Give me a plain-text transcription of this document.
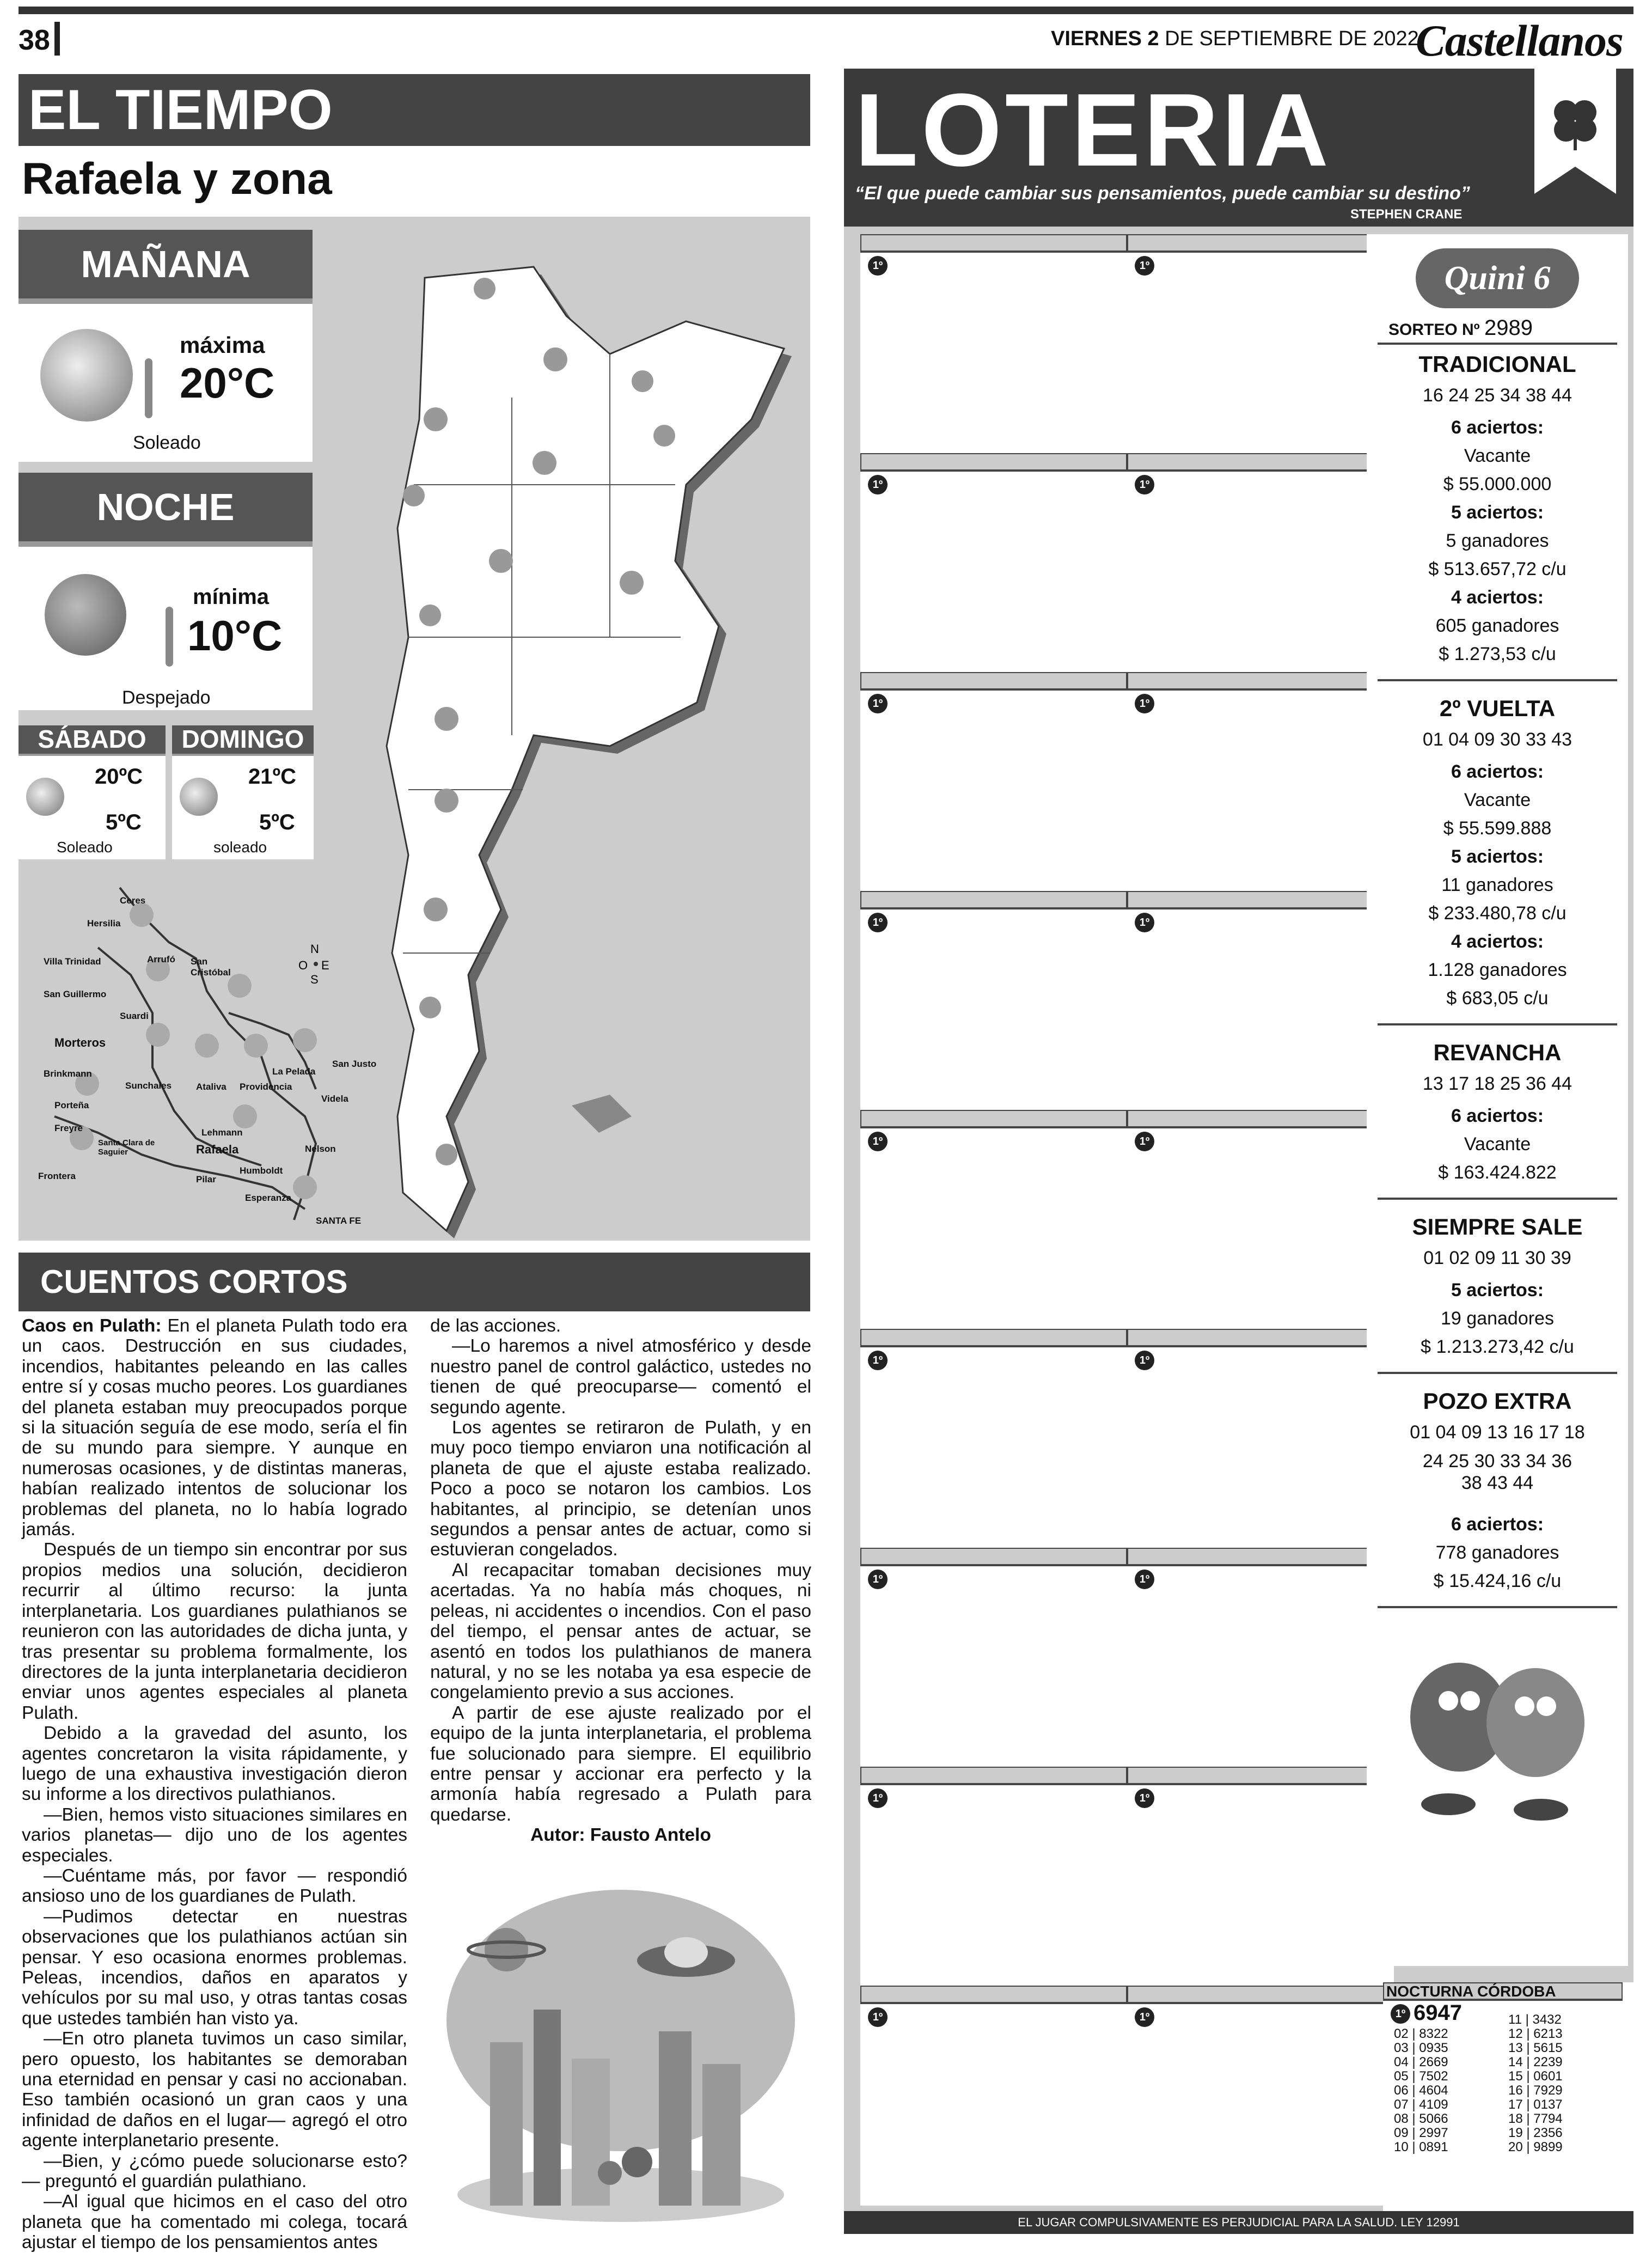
38	VIERNES 2 DE SEPTIEMBRE DE 2022
Castellanos
EL TIEMPO
Rafaela y zona
MAÑANA
máxima
20°C
Soleado
NOCHE
mínima
10°C
Despejado
SÁBADO
20ºC
5ºC
Soleado
DOMINGO
21ºC
5ºC
soleado
N
O E
S
Ceres
Hersilia
Villa Trinidad	Arrufó San Cristóbal
San Guillermo
Suardi
Morteros
Brinkmann	La Pelada
San Justo
Sunchales	Ataliva Providencia
Videla
Porteña
Freyre	Lehmann
Rafaela
Santa Clara de Saguier	Nelson
Humboldt
Frontera	Pilar
Esperanza
SANTA FE
CUENTOS CORTOS

Caos en Pulath: En el planeta Pulath todo era un caos. Destrucción en sus ciudades, incendios, habitantes peleando en las calles entre sí y cosas mucho peores. Los guardianes del planeta estaban muy preocupados porque si la situación seguía de ese modo, sería el fin de su mundo para siempre. Y aunque en numerosas ocasiones, y de distintas maneras, habían realizado intentos de solucionar los problemas del planeta, no lo había logrado jamás.

Después de un tiempo sin encontrar por sus propios medios una solución, decidieron recurrir al último recurso: la junta interplanetaria. Los guardianes pulathianos se reunieron con las autoridades de dicha junta, y tras presentar su problema formalmente, los directores de la junta interplanetaria decidieron enviar unos agentes especiales al planeta Pulath.

Debido a la gravedad del asunto, los agentes concretaron la visita rápidamente, y luego de una exhaustiva investigación dieron su informe a los directivos pulathianos.

—Bien, hemos visto situaciones similares en varios planetas— dijo uno de los agentes especiales.

—Cuéntame más, por favor — respondió ansioso uno de los guardianes de Pulath.

—Pudimos detectar en nuestras observaciones que los pulathianos actúan sin pensar. Y eso ocasiona enormes problemas. Peleas, incendios, daños en aparatos y vehículos por su mal uso, y otras tantas cosas que ustedes también han visto ya.

—En otro planeta tuvimos un caso similar, pero opuesto, los habitantes se demoraban una eternidad en pensar y casi no accionaban. Eso también ocasionó un gran caos y una infinidad de daños en el lugar— agregó el otro agente interplanetario presente.

—Bien, y ¿cómo puede solucionarse esto?— preguntó el guardián pulathiano.

—Al igual que hicimos en el caso del otro planeta que ha comentado mi colega, tocará ajustar el tiempo de los pensamientos antes

de las acciones.

—Lo haremos a nivel atmosférico y desde nuestro panel de control galáctico, ustedes no tienen de qué preocuparse— comentó el segundo agente.

Los agentes se retiraron de Pulath, y en muy poco tiempo enviaron una notificación al planeta de que el ajuste estaba realizado. Poco a poco se notaron los cambios. Los habitantes, al principio, se detenían unos segundos a pensar antes de actuar, como si estuvieran congelados.

Al recapacitar tomaban decisiones muy acertadas. Ya no había más choques, ni peleas, ni accidentes o incendios. Con el paso del tiempo, el pensar antes de actuar, se asentó en todos los pulathianos de manera natural, y no se les notaba ya esa especie de congelamiento previo a sus acciones.

A partir de ese ajuste realizado por el equipo de la junta interplanetaria, el problema fue solucionado para siempre. El equilibrio entre pensar y accionar era perfecto y la armonía había regresado a Pulath para quedarse.

Autor: Fausto Antelo

LOTERIA
“El que puede cambiar sus pensamientos, puede cambiar su destino”
STEPHEN CRANE
1º
1º
1º
1º
1º
1º
1º
1º
1º
1º
1º
1º
1º
1º
1º
1º
1º
1º
Quini 6
SORTEO Nº 2989
TRADICIONAL
16 24 25 34 38 44
6 aciertos:
Vacante
$ 55.000.000
5 aciertos:
5 ganadores
$ 513.657,72 c/u
4 aciertos:
605 ganadores
$ 1.273,53 c/u
2º VUELTA
01 04 09 30 33 43
6 aciertos:
Vacante
$ 55.599.888
5 aciertos:
11 ganadores
$ 233.480,78 c/u
4 aciertos:
1.128 ganadores
$ 683,05 c/u
REVANCHA
13 17 18 25 36 44
6 aciertos:
Vacante
$ 163.424.822
SIEMPRE SALE
01 02 09 11 30 39
5 aciertos:
19 ganadores
$ 1.213.273,42 c/u
POZO EXTRA
01 04 09 13 16 17 18
24 25 30 33 34 36
38 43 44
6 aciertos:
778 ganadores
$ 15.424,16 c/u
NOCTURNA CÓRDOBA
1º 6947
02 | 8322
03 | 0935
04 | 2669
05 | 7502
06 | 4604
07 | 4109
08 | 5066
09 | 2997
10 | 0891
11 | 3432
12 | 6213
13 | 5615
14 | 2239
15 | 0601
16 | 7929
17 | 0137
18 | 7794
19 | 2356
20 | 9899
EL JUGAR COMPULSIVAMENTE ES PERJUDICIAL PARA LA SALUD. LEY 12991
